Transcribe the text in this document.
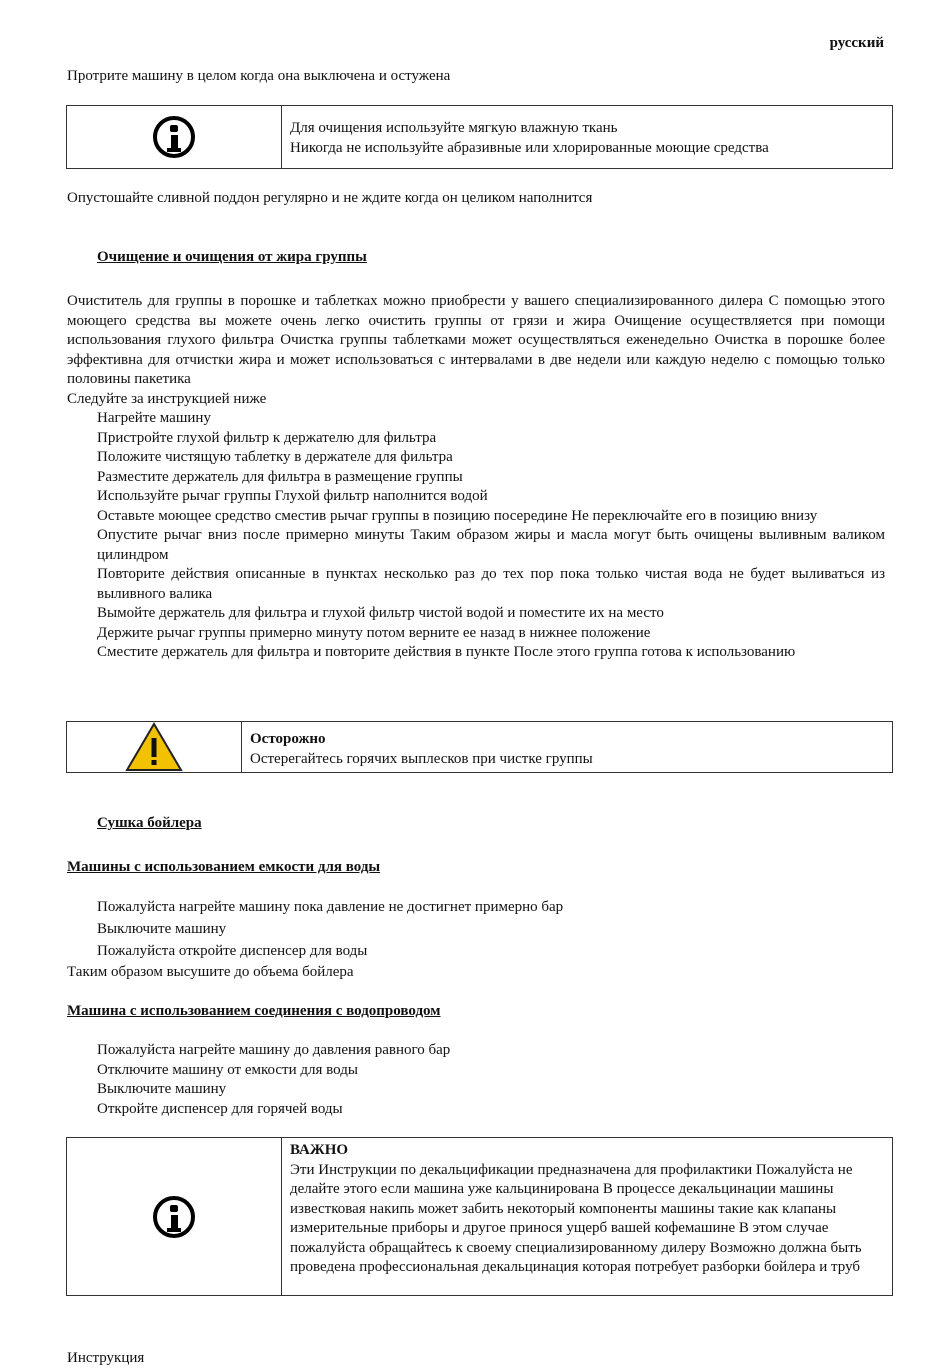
русский
Протрите машину в целом когда она выключена и остужена
Для очищения используйте мягкую влажную ткань
Никогда не используйте абразивные или хлорированные моющие средства
Опустошайте сливной поддон регулярно и не ждите когда он целиком наполнится
Очищение и очищения от жира группы
Очиститель для группы в порошке и таблетках можно приобрести у вашего специализированного дилера С помощью этого моющего средства вы можете очень легко очистить группы от грязи и жира Очищение осуществляется при помощи использования глухого фильтра Очистка группы таблетками может осуществляться еженедельно Очистка в порошке более эффективна для отчистки жира и может использоваться с интервалами в две недели или каждую неделю с помощью только половины пакетика
Следуйте за инструкцией ниже
Нагрейте машину
Пристройте глухой фильтр к держателю для фильтра
Положите чистящую таблетку в держателе для фильтра
Разместите держатель для фильтра в размещение группы
Используйте рычаг группы Глухой фильтр наполнится водой
Оставьте моющее средство сместив рычаг группы в позицию посередине Не переключайте его в позицию внизу
Опустите рычаг вниз после примерно минуты Таким образом жиры и масла могут быть очищены выливным валиком цилиндром
Повторите действия описанные в пунктах несколько раз до тех пор пока только чистая вода не будет выливаться из выливного валика
Вымойте держатель для фильтра и глухой фильтр чистой водой и поместите их на место
Держите рычаг группы примерно минуту потом верните ее назад в нижнее положение
Сместите держатель для фильтра и повторите действия в пункте После этого группа готова к использованию
Осторожно
Остерегайтесь горячих выплесков при чистке группы
Сушка бойлера
Машины с использованием емкости для воды
Пожалуйста нагрейте машину пока давление не достигнет примерно бар
Выключите машину
Пожалуйста откройте диспенсер для воды
Таким образом высушите до объема бойлера
Машина с использованием соединения с водопроводом
Пожалуйста нагрейте машину до давления равного бар
Отключите машину от емкости для воды
Выключите машину
Откройте диспенсер для горячей воды
ВАЖНО
Эти Инструкции по декальцификации предназначена для профилактики Пожалуйста не делайте этого если машина уже кальцинирована В процессе декальцинации машины известковая накипь может забить некоторый компоненты машины такие как клапаны измерительные приборы и другое принося ущерб вашей кофемашине В этом случае пожалуйста обращайтесь к своему специализированному дилеру Возможно должна быть проведена профессиональная декальцинация которая потребует разборки бойлера и труб
Инструкция
